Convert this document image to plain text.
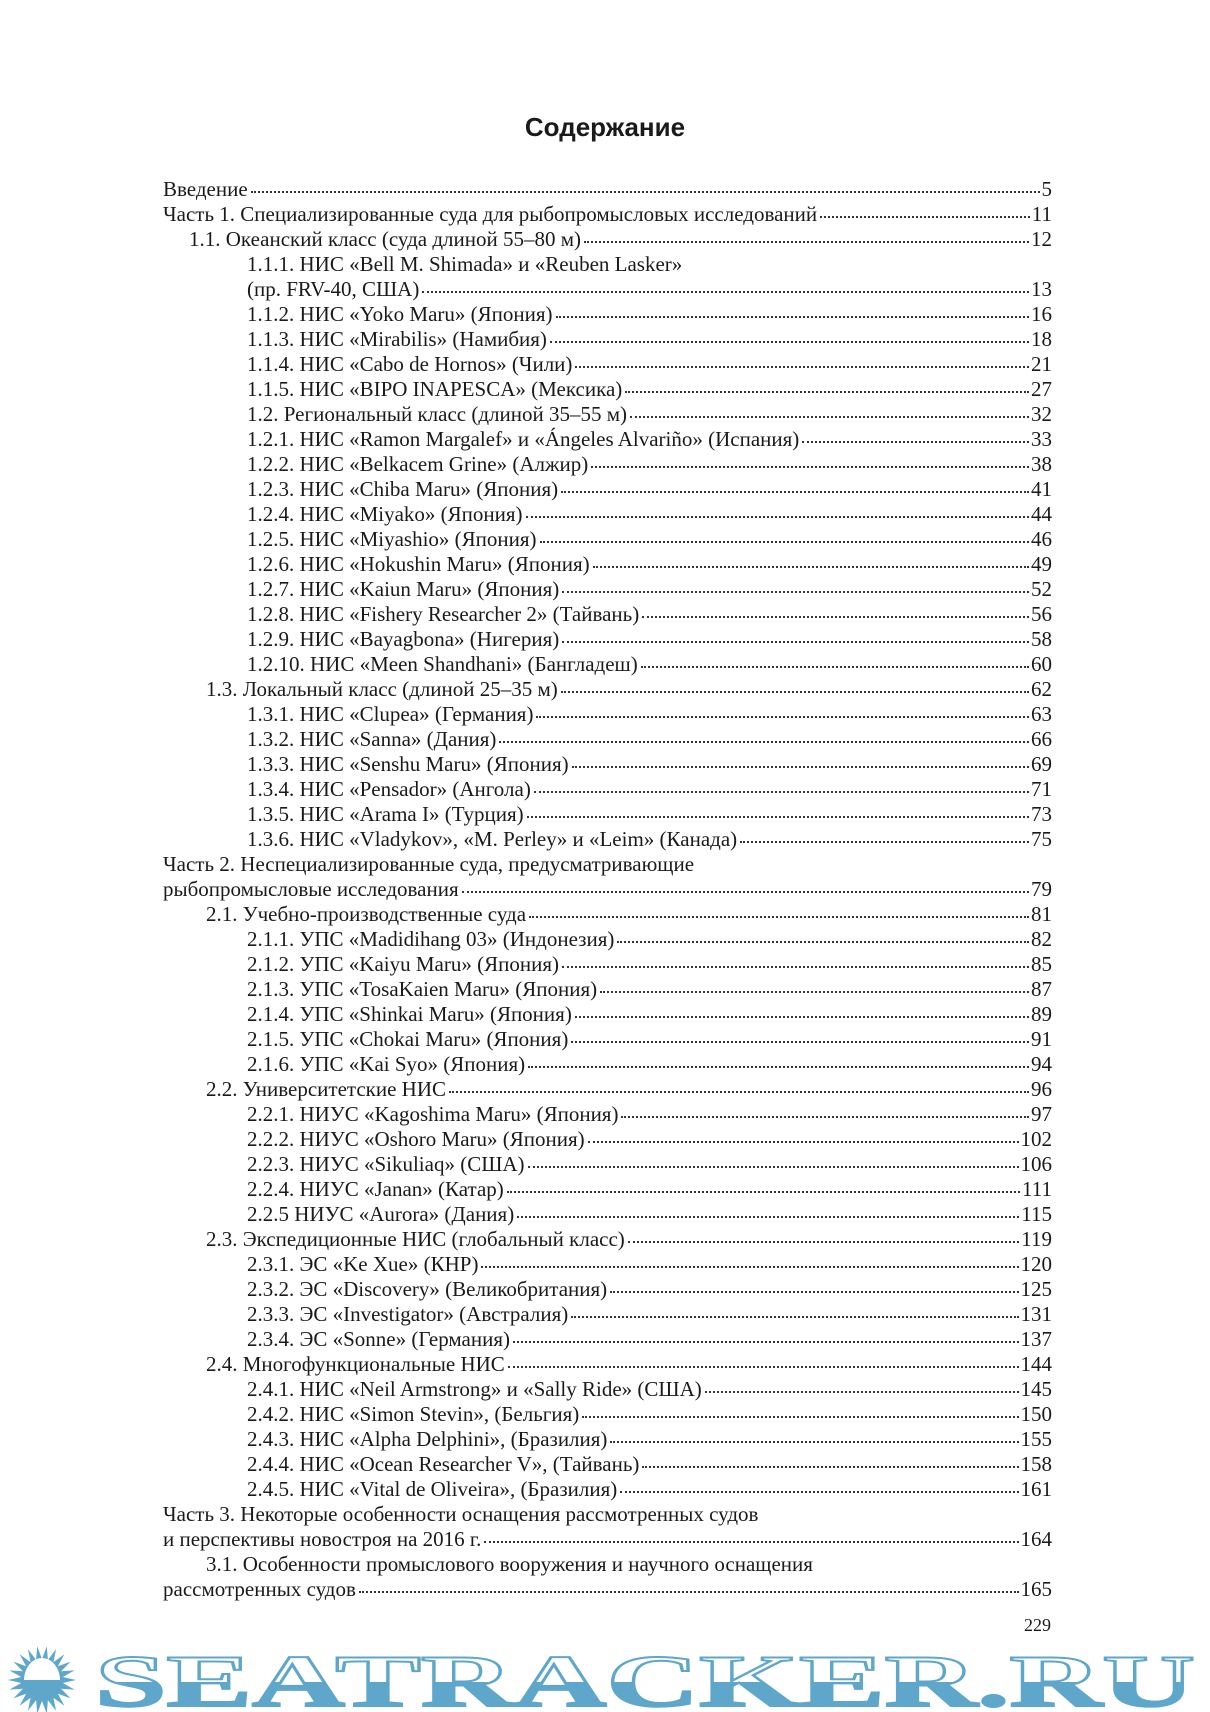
Содержание
Введение	5
Часть 1. Специализированные суда для рыбопромысловых исследований	11
1.1. Океанский класс (суда длиной 55–80 м)	12
1.1.1. НИС «Bell M. Shimada» и «Reuben Lasker»
(пр. FRV-40, США)	13
1.1.2. НИС «Yoko Maru» (Япония)	16
1.1.3. НИС «Mirabilis» (Намибия)	18
1.1.4. НИС «Cabo de Hornos» (Чили)	21
1.1.5. НИС «BIPO INAPESCA» (Мексика)	27
1.2. Региональный класс (длиной 35–55 м)	32
1.2.1. НИС «Ramon Margalef» и «Ángeles Alvariño» (Испания)	33
1.2.2. НИС «Belkacem Grine» (Алжир)	38
1.2.3. НИС «Chiba Maru» (Япония)	41
1.2.4. НИС «Miyako» (Япония)	44
1.2.5. НИС «Miyashio» (Япония)	46
1.2.6. НИС «Hokushin Maru» (Япония)	49
1.2.7. НИС «Kaiun Maru» (Япония)	52
1.2.8. НИС «Fishery Researcher 2» (Тайвань)	56
1.2.9. НИС «Bayagbona» (Нигерия)	58
1.2.10. НИС «Meen Shandhani» (Бангладеш)	60
1.3. Локальный класс (длиной 25–35 м)	62
1.3.1. НИС «Clupea» (Германия)	63
1.3.2. НИС «Sanna» (Дания)	66
1.3.3. НИС «Senshu Maru» (Япония)	69
1.3.4. НИС «Pensador» (Ангола)	71
1.3.5. НИС «Arama I» (Турция)	73
1.3.6. НИС «Vladykov», «M. Perley» и «Leim» (Канада)	75
Часть 2. Неспециализированные суда, предусматривающие
рыбопромысловые исследования	79
2.1. Учебно-производственные суда	81
2.1.1. УПС «Madidihang 03» (Индонезия)	82
2.1.2. УПС «Kaiyu Maru» (Япония)	85
2.1.3. УПС «TosaKaien Maru» (Япония)	87
2.1.4. УПС «Shinkai Maru» (Япония)	89
2.1.5. УПС «Chokai Maru» (Япония)	91
2.1.6. УПС «Kai Syo» (Япония)	94
2.2. Университетские НИС	96
2.2.1. НИУС «Kagoshima Maru» (Япония)	97
2.2.2. НИУС «Oshoro Maru» (Япония)	102
2.2.3. НИУС «Sikuliaq» (США)	106
2.2.4. НИУС «Janan» (Катар)	111
2.2.5 НИУС «Aurora» (Дания)	115
2.3. Экспедиционные НИС (глобальный класс)	119
2.3.1. ЭС «Ke Xue» (КНР)	120
2.3.2. ЭС «Discovery» (Великобритания)	125
2.3.3. ЭС «Investigator» (Австралия)	131
2.3.4. ЭС «Sonne» (Германия)	137
2.4. Многофункциональные НИС	144
2.4.1. НИС «Neil Armstrong» и «Sally Ride» (США)	145
2.4.2. НИС «Simon Stevin», (Бельгия)	150
2.4.3. НИС «Alpha Delphini», (Бразилия)	155
2.4.4. НИС «Ocean Researcher V», (Тайвань)	158
2.4.5. НИС «Vital de Oliveira», (Бразилия)	161
Часть 3. Некоторые особенности оснащения рассмотренных судов
и перспективы новостроя на 2016 г.	164
3.1. Особенности промыслового вооружения и научного оснащения
рассмотренных судов	165
229
SEATRACKER.RU
